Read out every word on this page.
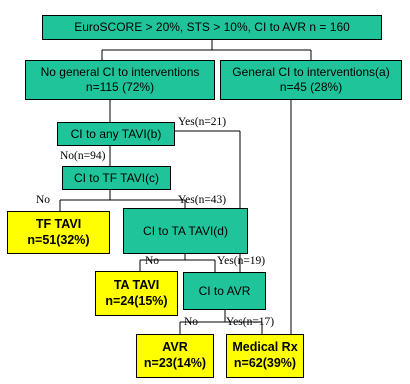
EuroSCORE > 20%, STS > 10%, CI to AVR n = 160
No general CI to interventions
n=115 (72%)
General CI to interventions(a)
n=45 (28%)
CI to any TAVI(b)
CI to TF TAVI(c)
TF TAVI
n=51(32%)
CI to TA TAVI(d)
TA TAVI
n=24(15%)
CI to AVR
AVR
n=23(14%)
Medical Rx
n=62(39%)
Yes(n=21)
No(n=94)
No	Yes(n=43)
No	Yes(n=19)
No Yes(n=17)
